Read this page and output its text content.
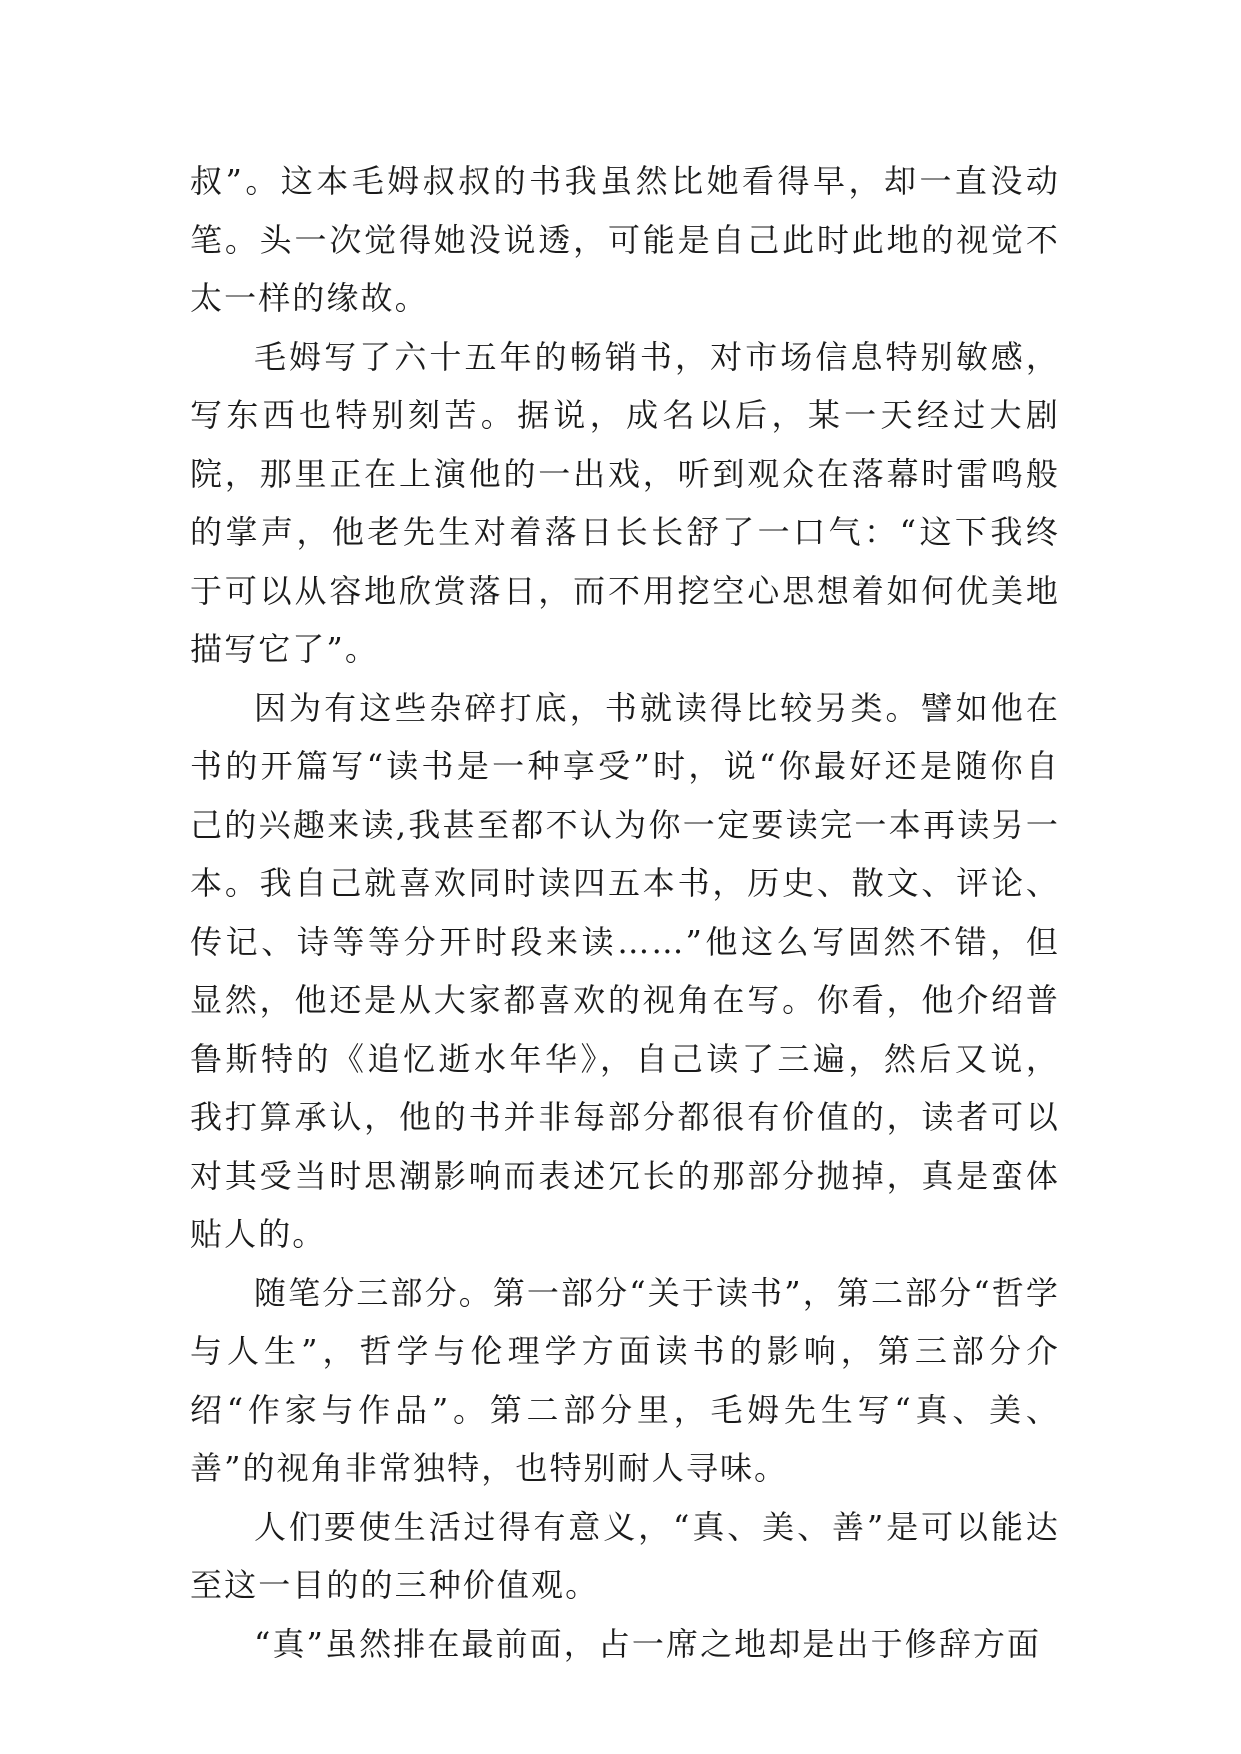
叔”。这本毛姆叔叔的书我虽然比她看得早，却一直没动笔。头一次觉得她没说透，可能是自己此时此地的视觉不太一样的缘故。

毛姆写了六十五年的畅销书，对市场信息特别敏感，写东西也特别刻苦。据说，成名以后，某一天经过大剧院，那里正在上演他的一出戏，听到观众在落幕时雷鸣般的掌声，他老先生对着落日长长舒了一口气：“这下我终于可以从容地欣赏落日，而不用挖空心思想着如何优美地描写它了”。

因为有这些杂碎打底，书就读得比较另类。譬如他在书的开篇写“读书是一种享受”时，说“你最好还是随你自己的兴趣来读,我甚至都不认为你一定要读完一本再读另一本。我自己就喜欢同时读四五本书，历史、散文、评论、传记、诗等等分开时段来读……”他这么写固然不错，但显然，他还是从大家都喜欢的视角在写。你看，他介绍普鲁斯特的《追忆逝水年华》，自己读了三遍，然后又说，我打算承认，他的书并非每部分都很有价值的，读者可以对其受当时思潮影响而表述冗长的那部分抛掉，真是蛮体贴人的。

随笔分三部分。第一部分“关于读书”，第二部分“哲学与人生”，哲学与伦理学方面读书的影响，第三部分介绍“作家与作品”。第二部分里，毛姆先生写“真、美、善”的视角非常独特，也特别耐人寻味。

人们要使生活过得有意义，“真、美、善”是可以能达至这一目的的三种价值观。

“真”虽然排在最前面，占一席之地却是出于修辞方面
